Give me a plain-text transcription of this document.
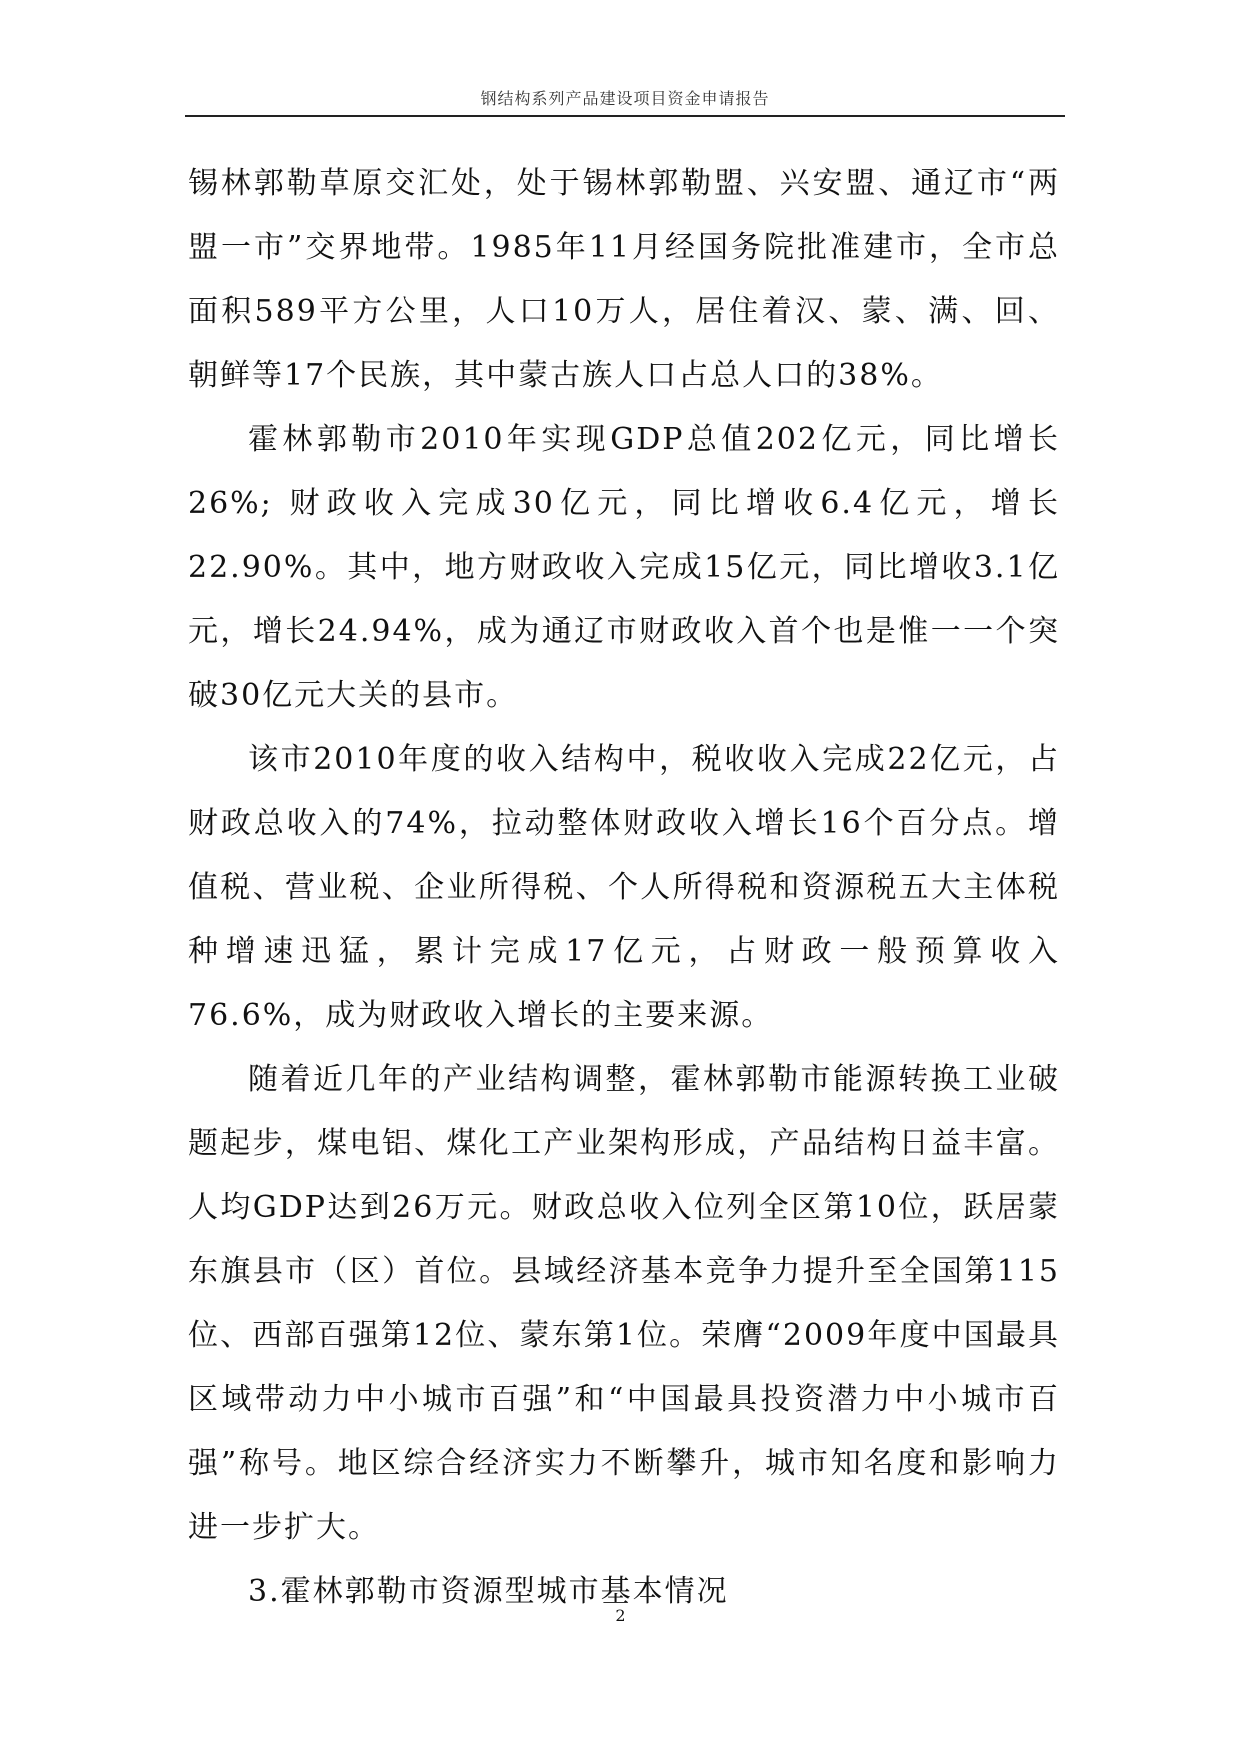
钢结构系列产品建设项目资金申请报告

锡林郭勒草原交汇处，处于锡林郭勒盟、兴安盟、通辽市“两盟一市”交界地带。1985年11月经国务院批准建市，全市总面积589平方公里，人口10万人，居住着汉、蒙、满、回、朝鲜等17个民族，其中蒙古族人口占总人口的38%。

霍林郭勒市2010年实现GDP总值202亿元，同比增长26%; 财政收入完成30亿元，同比增收6.4亿元，增长22.90%。其中，地方财政收入完成15亿元，同比增收3.1亿元，增长24.94%，成为通辽市财政收入首个也是惟一一个突破30亿元大关的县市。

该市2010年度的收入结构中，税收收入完成22亿元，占财政总收入的74%，拉动整体财政收入增长16个百分点。增值税、营业税、企业所得税、个人所得税和资源税五大主体税种增速迅猛，累计完成17亿元，占财政一般预算收入76.6%，成为财政收入增长的主要来源。

随着近几年的产业结构调整，霍林郭勒市能源转换工业破题起步，煤电铝、煤化工产业架构形成，产品结构日益丰富。人均GDP达到26万元。财政总收入位列全区第10位，跃居蒙东旗县市（区）首位。县域经济基本竞争力提升至全国第115位、西部百强第12位、蒙东第1位。荣膺“2009年度中国最具区域带动力中小城市百强”和“中国最具投资潜力中小城市百强”称号。地区综合经济实力不断攀升，城市知名度和影响力进一步扩大。

3.霍林郭勒市资源型城市基本情况

2
